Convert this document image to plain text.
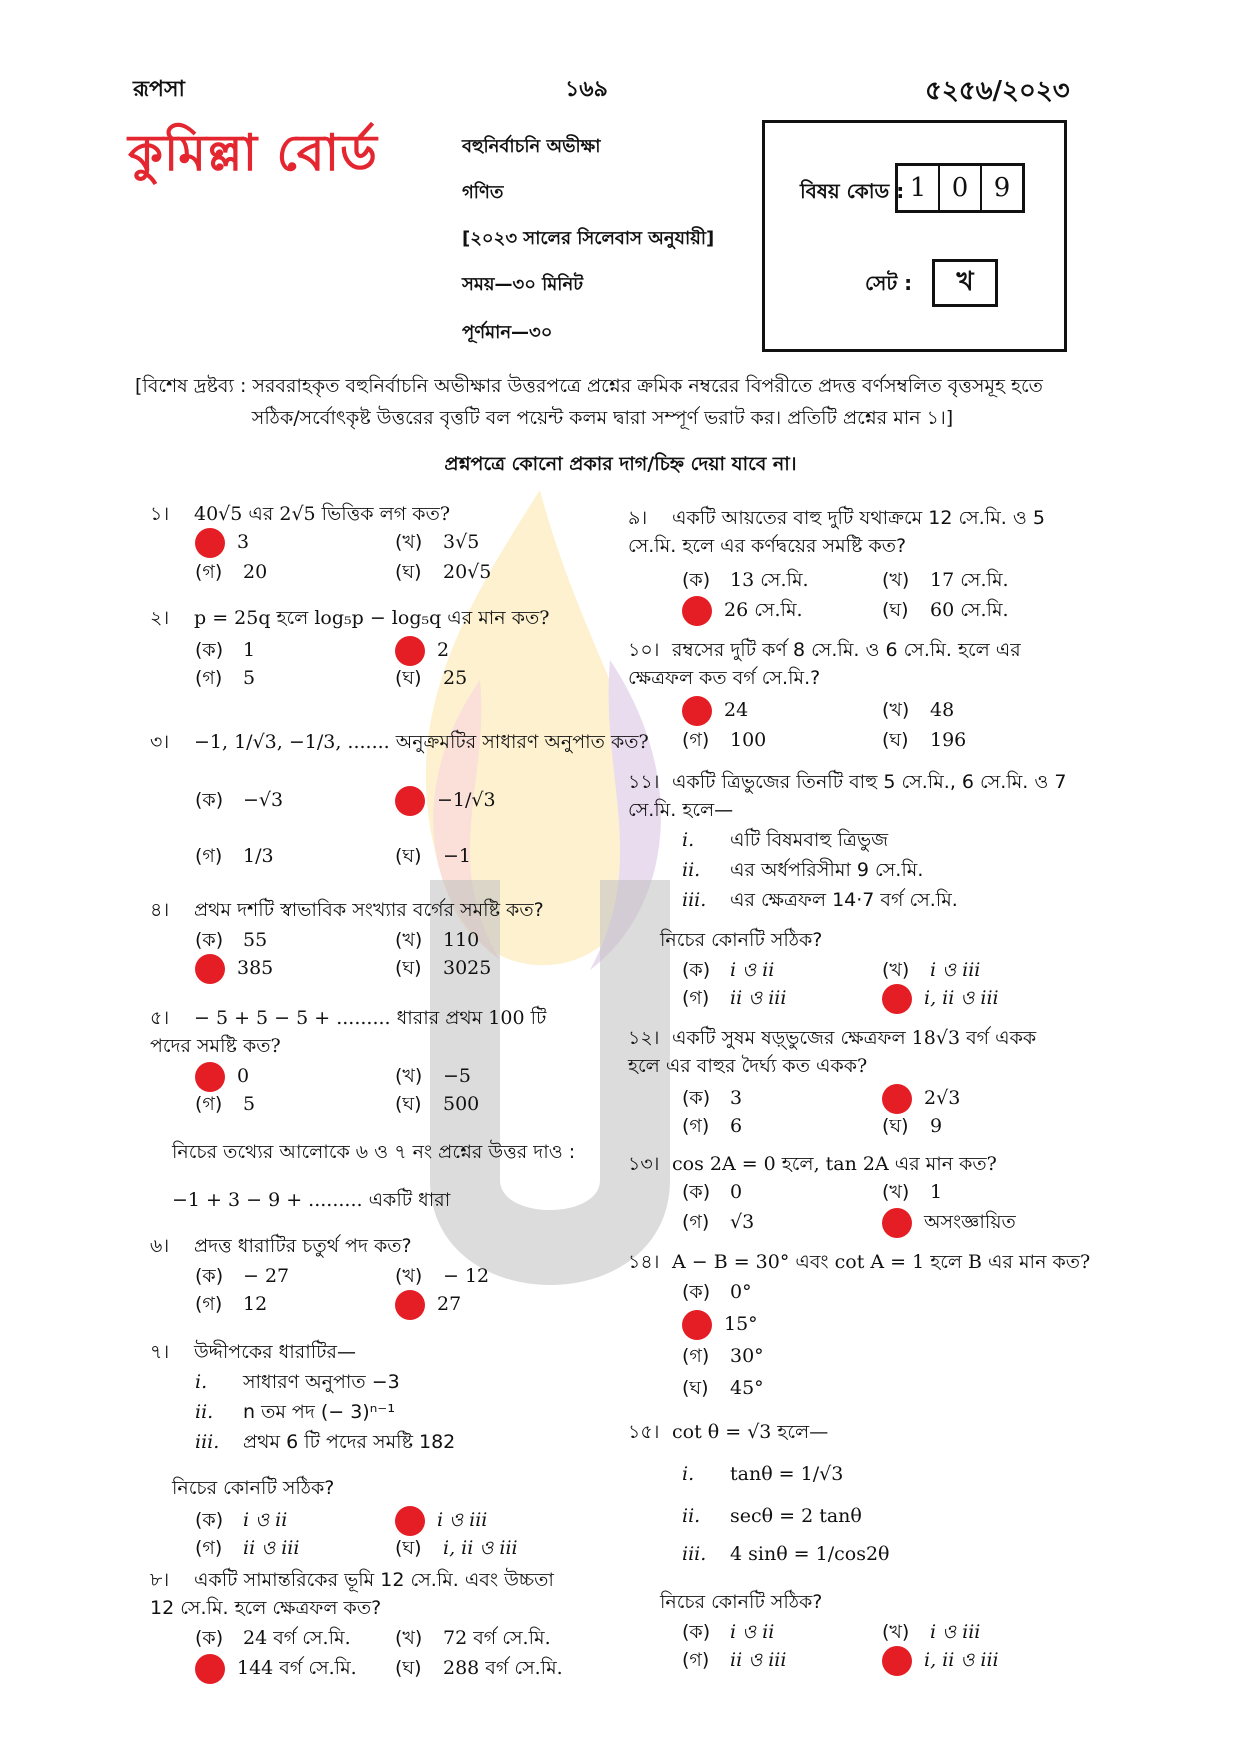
রূপসা	১৬৯	৫২৫৬/২০২৩
কুমিল্লা বোর্ড	বহুনির্বাচনি অভীক্ষা
গণিত
[২০২৩ সালের সিলেবাস অনুযায়ী]
সময়—৩০ মিনিট
পূর্ণমান—৩০
বিষয় কোড : 1 0 9
সেট :	খ
[বিশেষ দ্রষ্টব্য : সরবরাহকৃত বহুনির্বাচনি অভীক্ষার উত্তরপত্রে প্রশ্নের ক্রমিক নম্বরের বিপরীতে প্রদত্ত বর্ণসম্বলিত বৃত্তসমূহ হতে
সঠিক/সর্বোৎকৃষ্ট উত্তরের বৃত্তটি বল পয়েন্ট কলম দ্বারা সম্পূর্ণ ভরাট কর। প্রতিটি প্রশ্নের মান ১।]
প্রশ্নপত্রে কোনো প্রকার দাগ/চিহ্ন দেয়া যাবে না।
১। 40√5 এর 2√5 ভিত্তিক লগ কত?
3	(খ) 3√5
(গ) 20	(ঘ) 20√5
২। p = 25q হলে log₅p − log₅q এর মান কত?
(ক) 1	2
(গ) 5	(ঘ) 25
৩। −1, 1/√3, −1/3, ....... অনুক্রমটির সাধারণ অনুপাত কত?
(ক) −√3	−1/√3
(গ) 1/3	(ঘ) −1
৪। প্রথম দশটি স্বাভাবিক সংখ্যার বর্গের সমষ্টি কত?
(ক) 55	(খ) 110
385	(ঘ) 3025
৫। − 5 + 5 − 5 + ......... ধারার প্রথম 100 টি পদের সমষ্টি কত?
0	(খ) −5
(গ) 5	(ঘ) 500
নিচের তথ্যের আলোকে ৬ ও ৭ নং প্রশ্নের উত্তর দাও :
−1 + 3 − 9 + ......... একটি ধারা
৬। প্রদত্ত ধারাটির চতুর্থ পদ কত?
(ক) − 27	(খ) − 12
(গ) 12	27
৭। উদ্দীপকের ধারাটির—
i. সাধারণ অনুপাত −3
ii. n তম পদ (− 3)ⁿ⁻¹
iii. প্রথম 6 টি পদের সমষ্টি 182
নিচের কোনটি সঠিক?
(ক) i ও ii	i ও iii
(গ) ii ও iii	(ঘ) i, ii ও iii
৮। একটি সামান্তরিকের ভূমি 12 সে.মি. এবং উচ্চতা 12 সে.মি. হলে ক্ষেত্রফল কত?
(ক) 24 বর্গ সে.মি. (খ) 72 বর্গ সে.মি.
144 বর্গ সে.মি. (ঘ) 288 বর্গ সে.মি.
৯। একটি আয়তের বাহু দুটি যথাক্রমে 12 সে.মি. ও 5 সে.মি. হলে এর কর্ণদ্বয়ের সমষ্টি কত?
(ক) 13 সে.মি.	(খ) 17 সে.মি.
26 সে.মি.	(ঘ) 60 সে.মি.
১০। রম্বসের দুটি কর্ণ 8 সে.মি. ও 6 সে.মি. হলে এর ক্ষেত্রফল কত বর্গ সে.মি.?
24	(খ) 48
(গ) 100	(ঘ) 196
১১। একটি ত্রিভুজের তিনটি বাহু 5 সে.মি., 6 সে.মি. ও 7 সে.মি. হলে—
i. এটি বিষমবাহু ত্রিভুজ
ii. এর অর্ধপরিসীমা 9 সে.মি.
iii. এর ক্ষেত্রফল 14·7 বর্গ সে.মি.
নিচের কোনটি সঠিক?
(ক) i ও ii	(খ) i ও iii
(গ) ii ও iii	i, ii ও iii
১২। একটি সুষম ষড়্ভুজের ক্ষেত্রফল 18√3 বর্গ একক হলে এর বাহুর দৈর্ঘ্য কত একক?
(ক) 3	2√3
(গ) 6	(ঘ) 9
১৩। cos 2A = 0 হলে, tan 2A এর মান কত?
(ক) 0	(খ) 1
(গ) √3	অসংজ্ঞায়িত
১৪। A − B = 30° এবং cot A = 1 হলে B এর মান কত?
(ক) 0°
15°
(গ) 30°
(ঘ) 45°
১৫। cot θ = √3 হলে—
i. tanθ = 1/√3
ii. secθ = 2 tanθ
iii. 4 sinθ = 1/cos2θ
নিচের কোনটি সঠিক?
(ক) i ও ii	(খ) i ও iii
(গ) ii ও iii	i, ii ও iii
